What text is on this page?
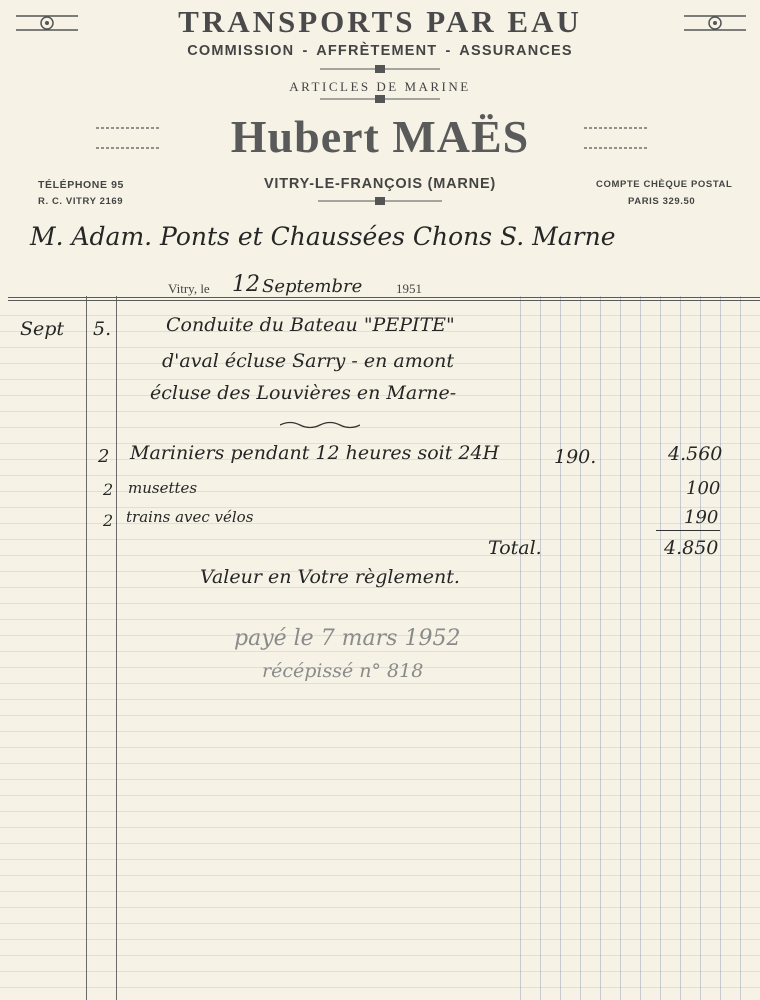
TRANSPORTS PAR EAU
COMMISSION - AFFRÈTEMENT - ASSURANCES
ARTICLES DE MARINE
Hubert MAËS
VITRY-LE-FRANÇOIS (MARNE)
TÉLÉPHONE 95
R. C. VITRY 2169
COMPTE CHÈQUE POSTAL
PARIS 329.50
M. Adam. Ponts et Chaussées Chons S. Marne
Vitry, le 12 Septembre	1951
Sept 5.	Conduite du Bateau "PEPITE"
d'aval écluse Sarry - en amont
écluse des Louvières en Marne-
2 Mariniers pendant 12 heures soit 24H	190.	4.560
2 musettes	100
2 trains avec vélos	190
Total.	4.850
Valeur en Votre règlement.
payé le 7 mars 1952
récépissé n° 818
